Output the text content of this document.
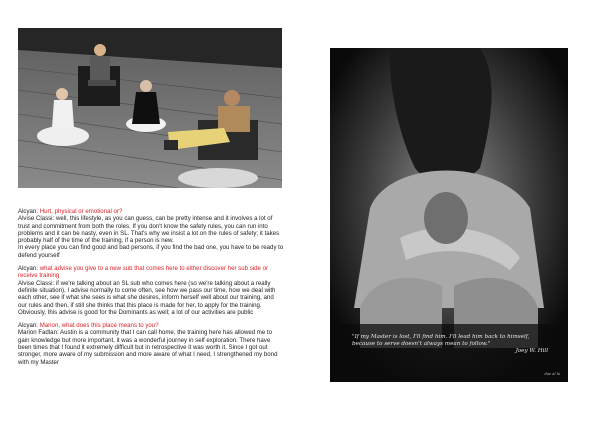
Alcyan: Hurt, physical or emotional or?

Alvise Classi: well, this lifestyle, as you can guess, can be pretty intense and it involves a lot of trust and commitment from both the roles. If you don't know the safety rules, you can run into problems and it can be nasty, even in SL. That's why we insist a lot on the rules of safety; it takes probably half of the time of the training, if a person is new.

In every place you can find good and bad persons, if you find the bad one, you have to be ready to defend yourself

Alcyan: what advise you give to a new sub that comes here to either discover her sub side or receive training

Alvise Classi: if we're talking about an SL sub who comes here (so we're talking about a really definite situation), I advise normally to come often, see how we pass our time, how we deal with each other, see if what she sees is what she desires, inform herself well about our training, and our rules and then, if still she thinks that this place is made for her, to apply for the training. Obviously, this advise is good for the Dominants as well; a lot of our activities are public

Alcyan: Marion, what does this place means to you?

Marion Fadlan: Austin is a community that I can call home, the training here has allowed me to gain knowledge but more important, it was a wonderful journey in self exploration. There have been times that I found it extremely difficult but in retrospective it was worth it. Since I got out stronger, more aware of my submission and more aware of what I need, I strengthened my bond with my Master

"If my Master is lost, I'll find him. I'll lead him back to himself, because to serve doesn't always mean to follow."
Joey W. Hill
dae al la
